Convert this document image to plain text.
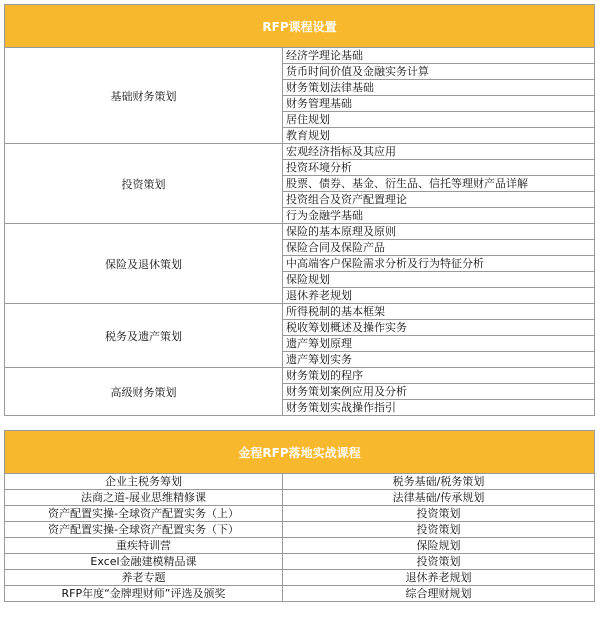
RFP课程设置	
基础财务策划	经济学理论基础
	货币时间价值及金融实务计算
	财务策划法律基础
	财务管理基础
	居住规划
	教育规划
投资策划	宏观经济指标及其应用
	投资环境分析
	股票、债券、基金、衍生品、信托等理财产品详解
	投资组合及资产配置理论
	行为金融学基础
保险及退休策划	保险的基本原理及原则
	保险合同及保险产品
	中高端客户保险需求分析及行为特征分析
	保险规划
	退休养老规划
税务及遗产策划	所得税制的基本框架
	税收筹划概述及操作实务
	遗产筹划原理
	遗产筹划实务
高级财务策划	财务策划的程序
	财务策划案例应用及分析
	财务策划实战操作指引
金程RFP落地实战课程	
企业主税务筹划	税务基础/税务策划
法商之道-展业思维精修课	法律基础/传承规划
资产配置实操-全球资产配置实务（上）	投资策划
资产配置实操-全球资产配置实务（下）	投资策划
重疾特训营	保险规划
Excel金融建模精品课	投资策划
养老专题	退休养老规划
RFP年度“金牌理财师”评选及颁奖	综合理财规划
